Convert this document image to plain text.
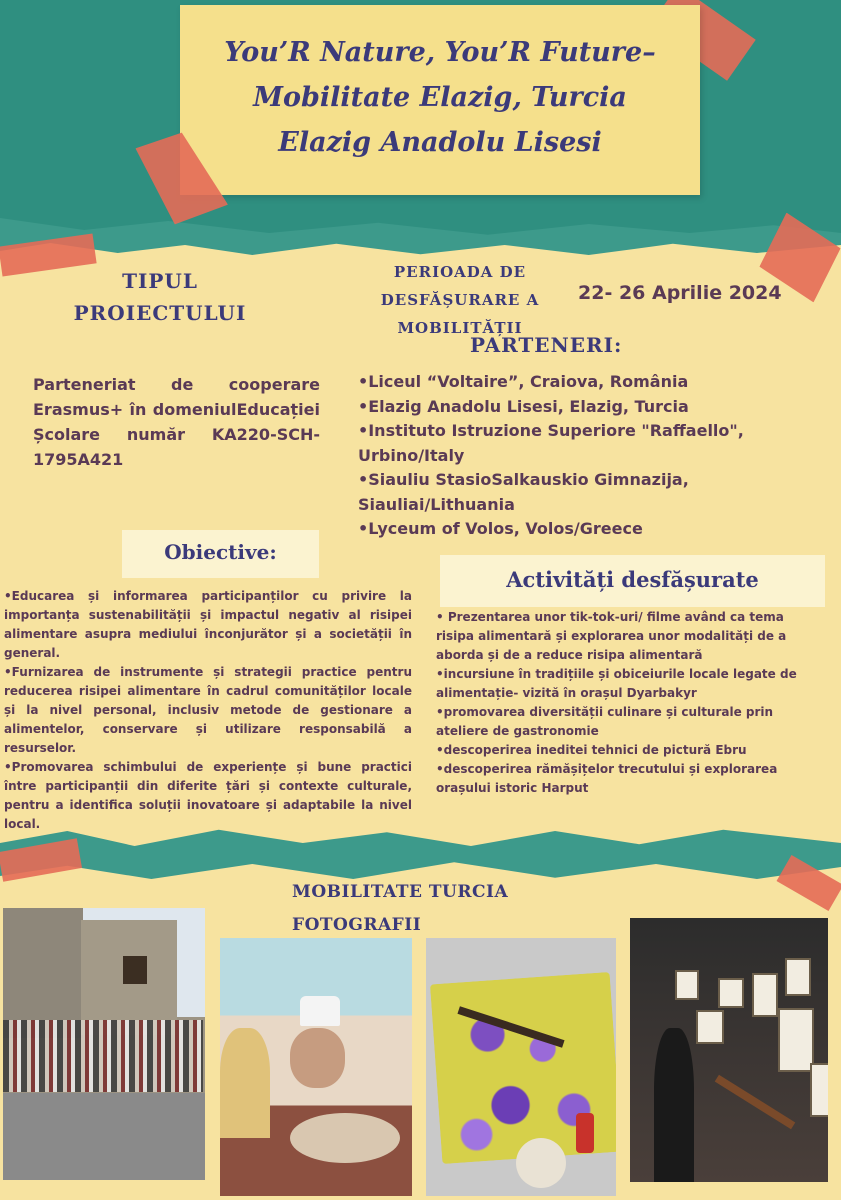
You’R Nature, You’R Future–
Mobilitate Elazig, Turcia
Elazig Anadolu Lisesi
TIPUL PROIECTULUI
PERIOADA DE DESFĂȘURARE A MOBILITĂȚII
22- 26 Aprilie 2024
PARTENERI:
Parteneriat de cooperare Erasmus+ în domeniulEducației Școlare număr KA220-SCH-1795A421
•Liceul “Voltaire”, Craiova, România
•Elazig Anadolu Lisesi, Elazig, Turcia
•Instituto Istruzione Superiore "Raffaello",
Urbino/Italy
•Siauliu StasioSalkauskio Gimnazija,
Siauliai/Lithuania
•Lyceum of Volos, Volos/Greece
Obiective:

•Educarea și informarea participanților cu privire la importanța sustenabilității și impactul negativ al risipei alimentare asupra mediului înconjurător și a societății în general.

•Furnizarea de instrumente și strategii practice pentru reducerea risipei alimentare în cadrul comunităților locale și la nivel personal, inclusiv metode de gestionare a alimentelor, conservare și utilizare responsabilă a resurselor.

•Promovarea schimbului de experiențe și bune practici între participanții din diferite țări și contexte culturale, pentru a identifica soluții inovatoare și adaptabile la nivel local.

Activități desfășurate

• Prezentarea unor tik-tok-uri/ filme având ca tema risipa alimentară și explorarea unor modalități de a aborda și de a reduce risipa alimentară

•incursiune în tradițiile și obiceiurile locale legate de alimentație- vizită în orașul Dyarbakyr

•promovarea diversității culinare și culturale prin ateliere de gastronomie

•descoperirea ineditei tehnici de pictură Ebru

•descoperirea rămășițelor trecutului și explorarea orașului istoric Harput

MOBILITATE TURCIA
FOTOGRAFII
